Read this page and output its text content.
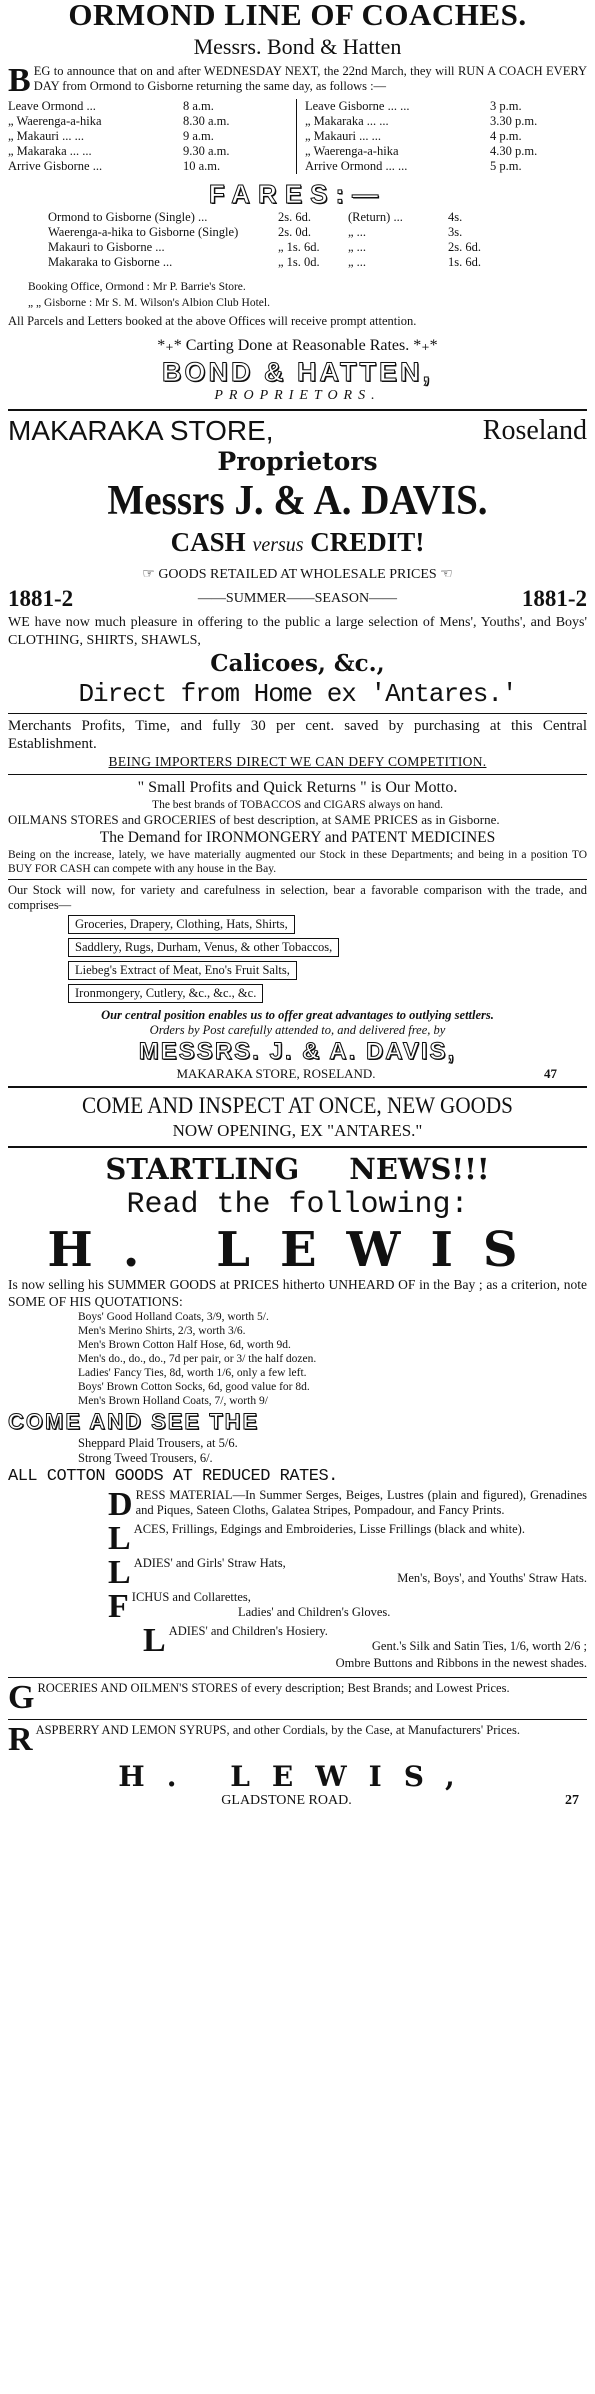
ORMOND LINE OF COACHES.
Messrs. Bond & Hatten
BEG to announce that on and after WEDNESDAY NEXT, the 22nd March, they will RUN A COACH EVERY DAY from Ormond to Gisborne returning the same day, as follows :—
Leave Ormond ...	8 a.m.
„ Waerenga-a-hika	8.30 a.m.
„ Makauri ... ...	9 a.m.
„ Makaraka ... ...	9.30 a.m.
Arrive Gisborne ...	10 a.m.
Leave Gisborne ... ...	3 p.m.
„ Makaraka ... ...	3.30 p.m.
„ Makauri ... ...	4 p.m.
„ Waerenga-a-hika	4.30 p.m.
Arrive Ormond ... ...	5 p.m.
FARES:—
Ormond to Gisborne (Single) ...	2s. 6d.	(Return) ...	4s.
Waerenga-a-hika to Gisborne (Single)	2s. 0d.	„ ...	3s.
Makauri to Gisborne ...	„ 1s. 6d.	„ ...	2s. 6d.
Makaraka to Gisborne ...	„ 1s. 0d.	„ ...	1s. 6d.
Booking Office, Ormond : Mr P. Barrie's Store.
„ „ Gisborne : Mr S. M. Wilson's Albion Club Hotel.
All Parcels and Letters booked at the above Offices will receive prompt attention.
*₊* Carting Done at Reasonable Rates. *₊*
BOND & HATTEN,
PROPRIETORS.
MAKARAKA STORE,	Roseland
Proprietors
Messrs J. & A. DAVIS.
CASH versus CREDIT!
☞ GOODS RETAILED AT WHOLESALE PRICES ☜
1881-2	——SUMMER——SEASON——	1881-2
WE have now much pleasure in offering to the public a large selection of Mens', Youths', and Boys' CLOTHING, SHIRTS, SHAWLS,
Calicoes, &c.,
Direct from Home ex 'Antares.'
Merchants Profits, Time, and fully 30 per cent. saved by purchasing at this Central Establishment.
BEING IMPORTERS DIRECT WE CAN DEFY COMPETITION.
" Small Profits and Quick Returns " is Our Motto.
The best brands of TOBACCOS and CIGARS always on hand.
OILMANS STORES and GROCERIES of best description, at SAME PRICES as in Gisborne.
The Demand for IRONMONGERY and PATENT MEDICINES
Being on the increase, lately, we have materially augmented our Stock in these Departments; and being in a position TO BUY FOR CASH can compete with any house in the Bay.
Our Stock will now, for variety and carefulness in selection, bear a favorable comparison with the trade, and comprises—
Groceries, Drapery, Clothing, Hats, Shirts,
Saddlery, Rugs, Durham, Venus, & other Tobaccos,
Liebeg's Extract of Meat, Eno's Fruit Salts,
Ironmongery, Cutlery, &c., &c., &c.
Our central position enables us to offer great advantages to outlying settlers.
Orders by Post carefully attended to, and delivered free, by
MESSRS. J. & A. DAVIS,
MAKARAKA STORE, ROSELAND.	47
COME AND INSPECT AT ONCE, NEW GOODS
NOW OPENING, EX "ANTARES."
STARTLING NEWS!!!
Read the following:
H. LEWIS
Is now selling his SUMMER GOODS at PRICES hitherto UNHEARD OF in the Bay ; as a criterion, note SOME OF HIS QUOTATIONS:
Boys' Good Holland Coats, 3/9, worth 5/.
Men's Merino Shirts, 2/3, worth 3/6.
Men's Brown Cotton Half Hose, 6d, worth 9d.
Men's do., do., do., 7d per pair, or 3/ the half dozen.
Ladies' Fancy Ties, 8d, worth 1/6, only a few left.
Boys' Brown Cotton Socks, 6d, good value for 8d.
Men's Brown Holland Coats, 7/, worth 9/
COME AND SEE THE
Sheppard Plaid Trousers, at 5/6.
Strong Tweed Trousers, 6/.
ALL COTTON GOODS AT REDUCED RATES.
DRESS MATERIAL—In Summer Serges, Beiges, Lustres (plain and figured), Grenadines and Piques, Sateen Cloths, Galatea Stripes, Pompadour, and Fancy Prints.
LACES, Frillings, Edgings and Embroideries, Lisse Frillings (black and white).
LADIES' and Girls' Straw Hats,
Men's, Boys', and Youths' Straw Hats.
FICHUS and Collarettes,
Ladies' and Children's Gloves.
LADIES' and Children's Hosiery.
Gent.'s Silk and Satin Ties, 1/6, worth 2/6 ;
Ombre Buttons and Ribbons in the newest shades.
GROCERIES AND OILMEN'S STORES of every description; Best Brands; and Lowest Prices.
RASPBERRY AND LEMON SYRUPS, and other Cordials, by the Case, at Manufacturers' Prices.
H. LEWIS,
GLADSTONE ROAD.	27
